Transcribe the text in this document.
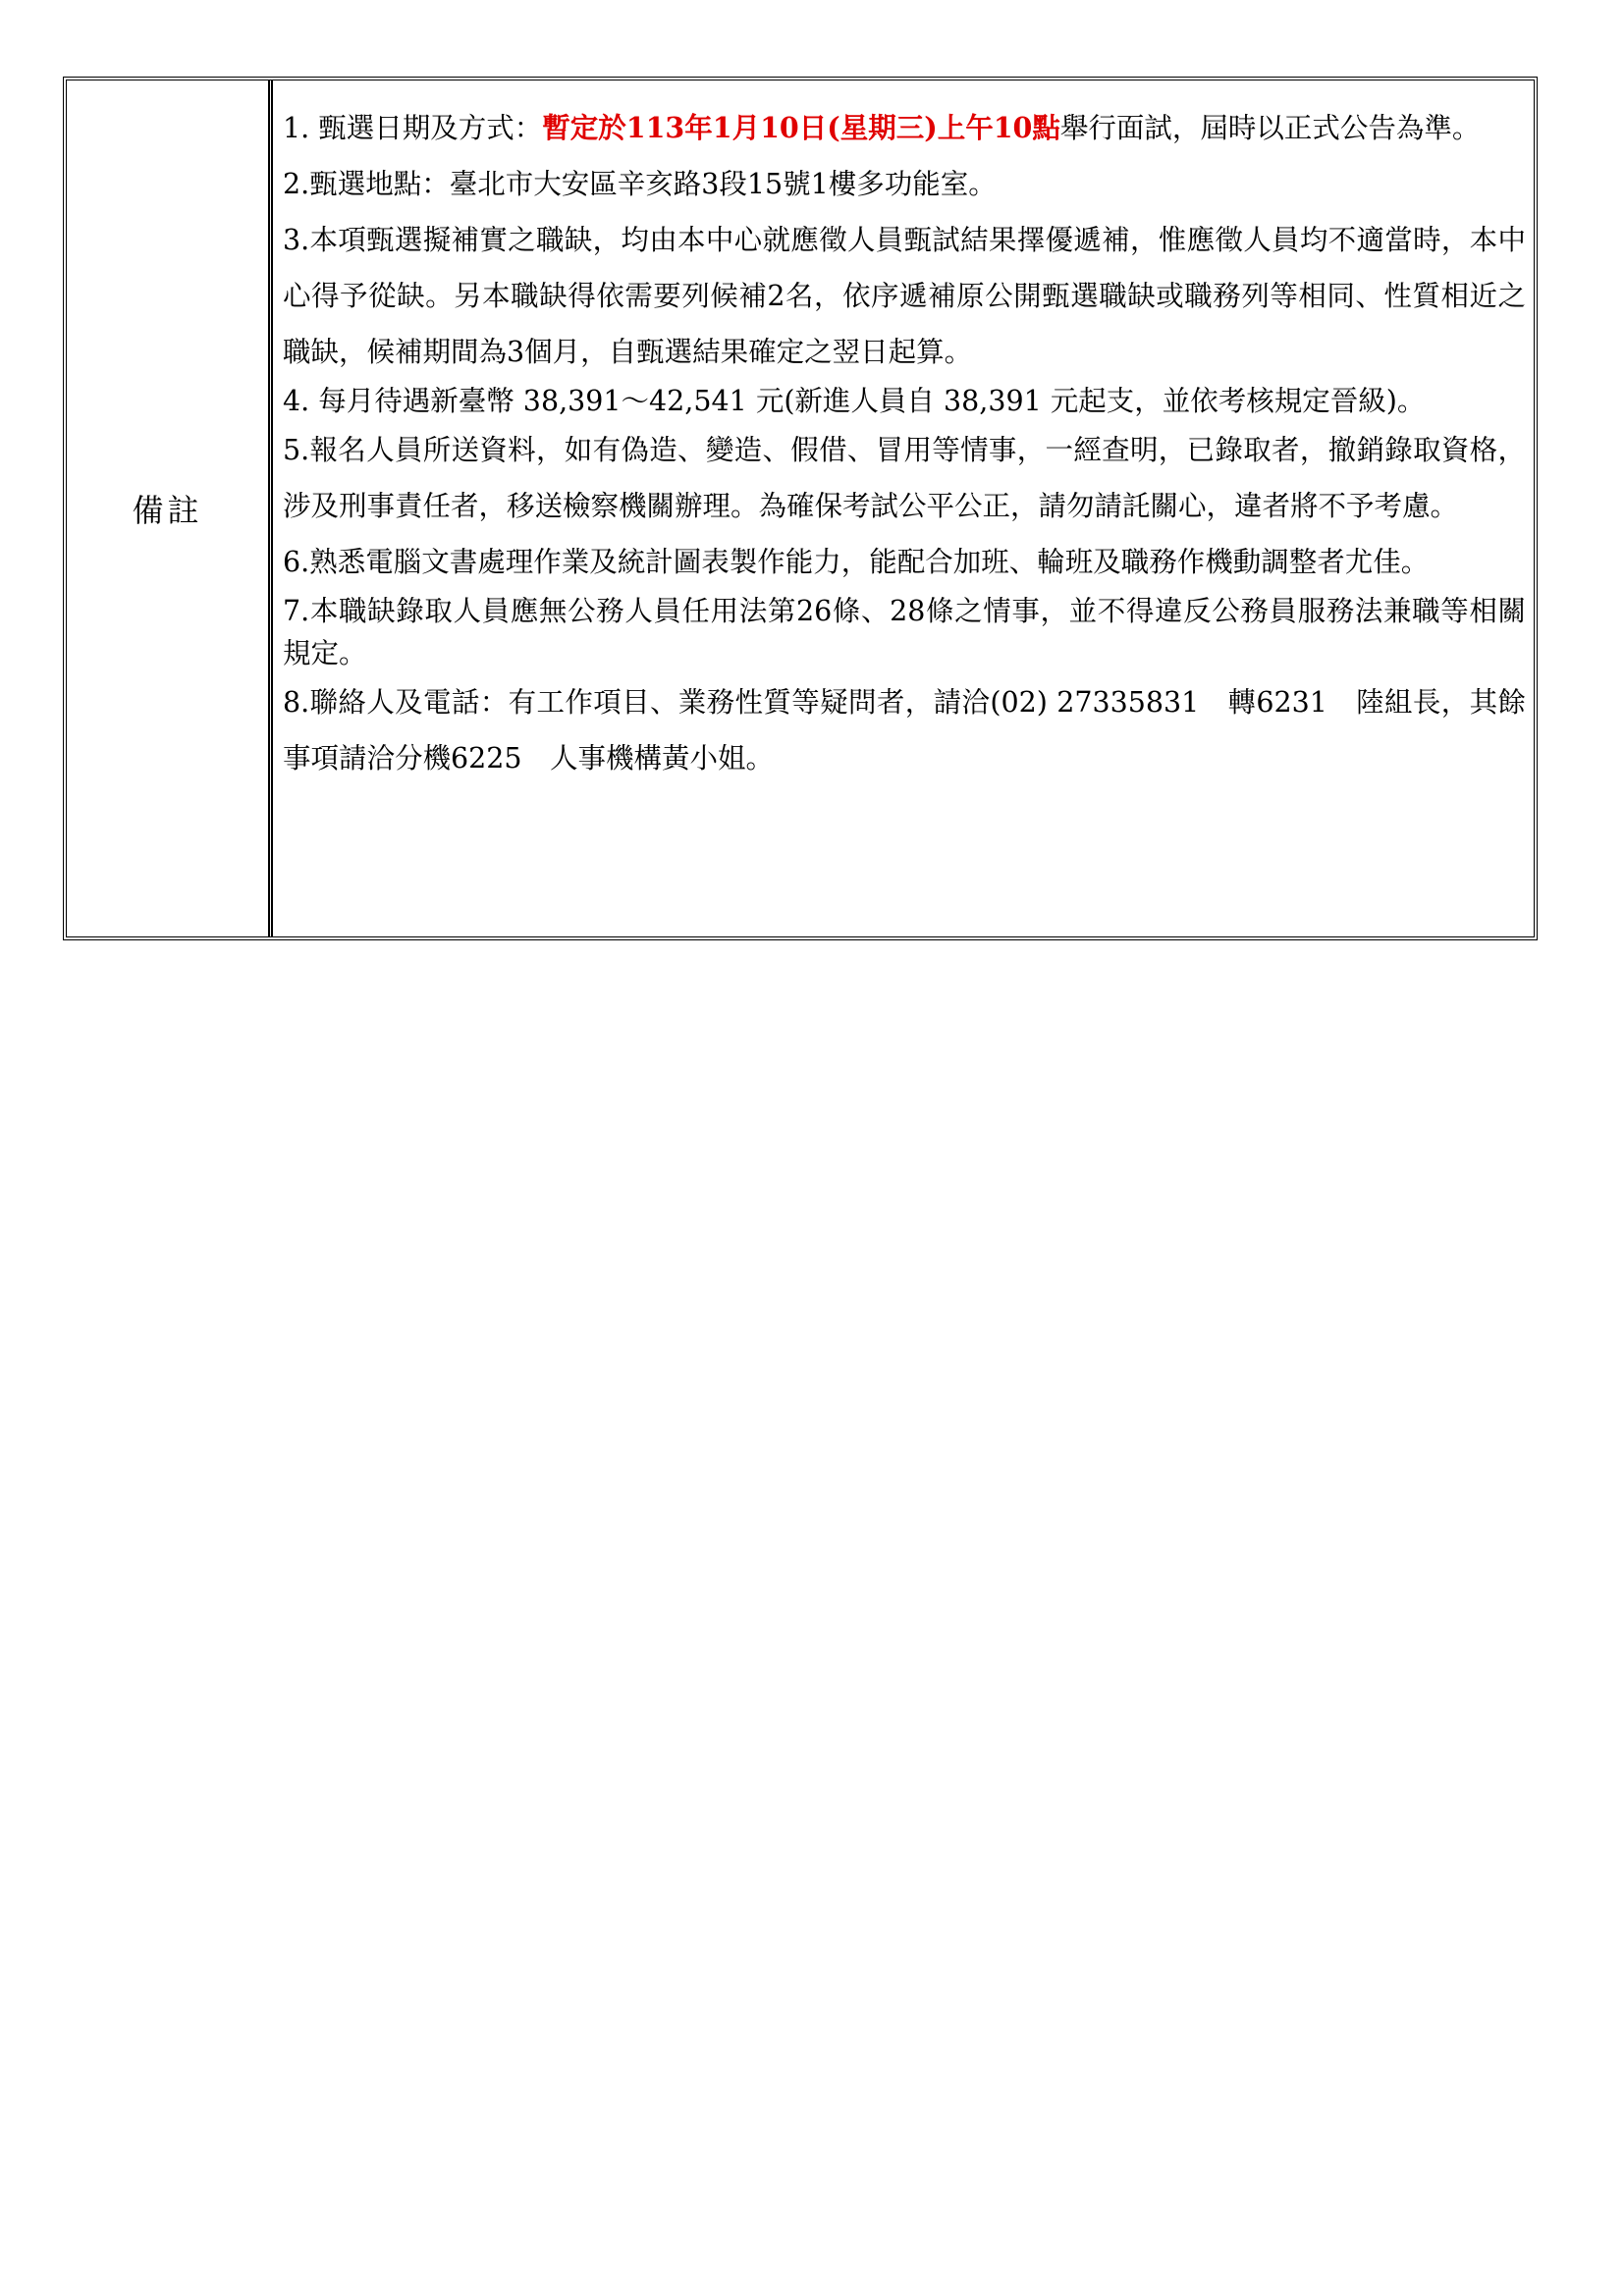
備註

1. 甄選日期及方式：暫定於113年1月10日(星期三)上午10點舉行面試，屆時以正式公告為準。

2.甄選地點：臺北市大安區辛亥路3段15號1樓多功能室。

3.本項甄選擬補實之職缺，均由本中心就應徵人員甄試結果擇優遞補，惟應徵人員均不適當時，本中心得予從缺。另本職缺得依需要列候補2名，依序遞補原公開甄選職缺或職務列等相同、性質相近之職缺，候補期間為3個月，自甄選結果確定之翌日起算。

4. 每月待遇新臺幣 38,391～42,541 元(新進人員自 38,391 元起支，並依考核規定晉級)。

5.報名人員所送資料，如有偽造、變造、假借、冒用等情事，一經查明，已錄取者，撤銷錄取資格，涉及刑事責任者，移送檢察機關辦理。為確保考試公平公正，請勿請託關心，違者將不予考慮。

6.熟悉電腦文書處理作業及統計圖表製作能力，能配合加班、輪班及職務作機動調整者尤佳。

7.本職缺錄取人員應無公務人員任用法第26條、28條之情事，並不得違反公務員服務法兼職等相關規定。

8.聯絡人及電話：有工作項目、業務性質等疑問者，請洽(02) 27335831　轉6231　陸組長，其餘事項請洽分機6225　人事機構黃小姐。
